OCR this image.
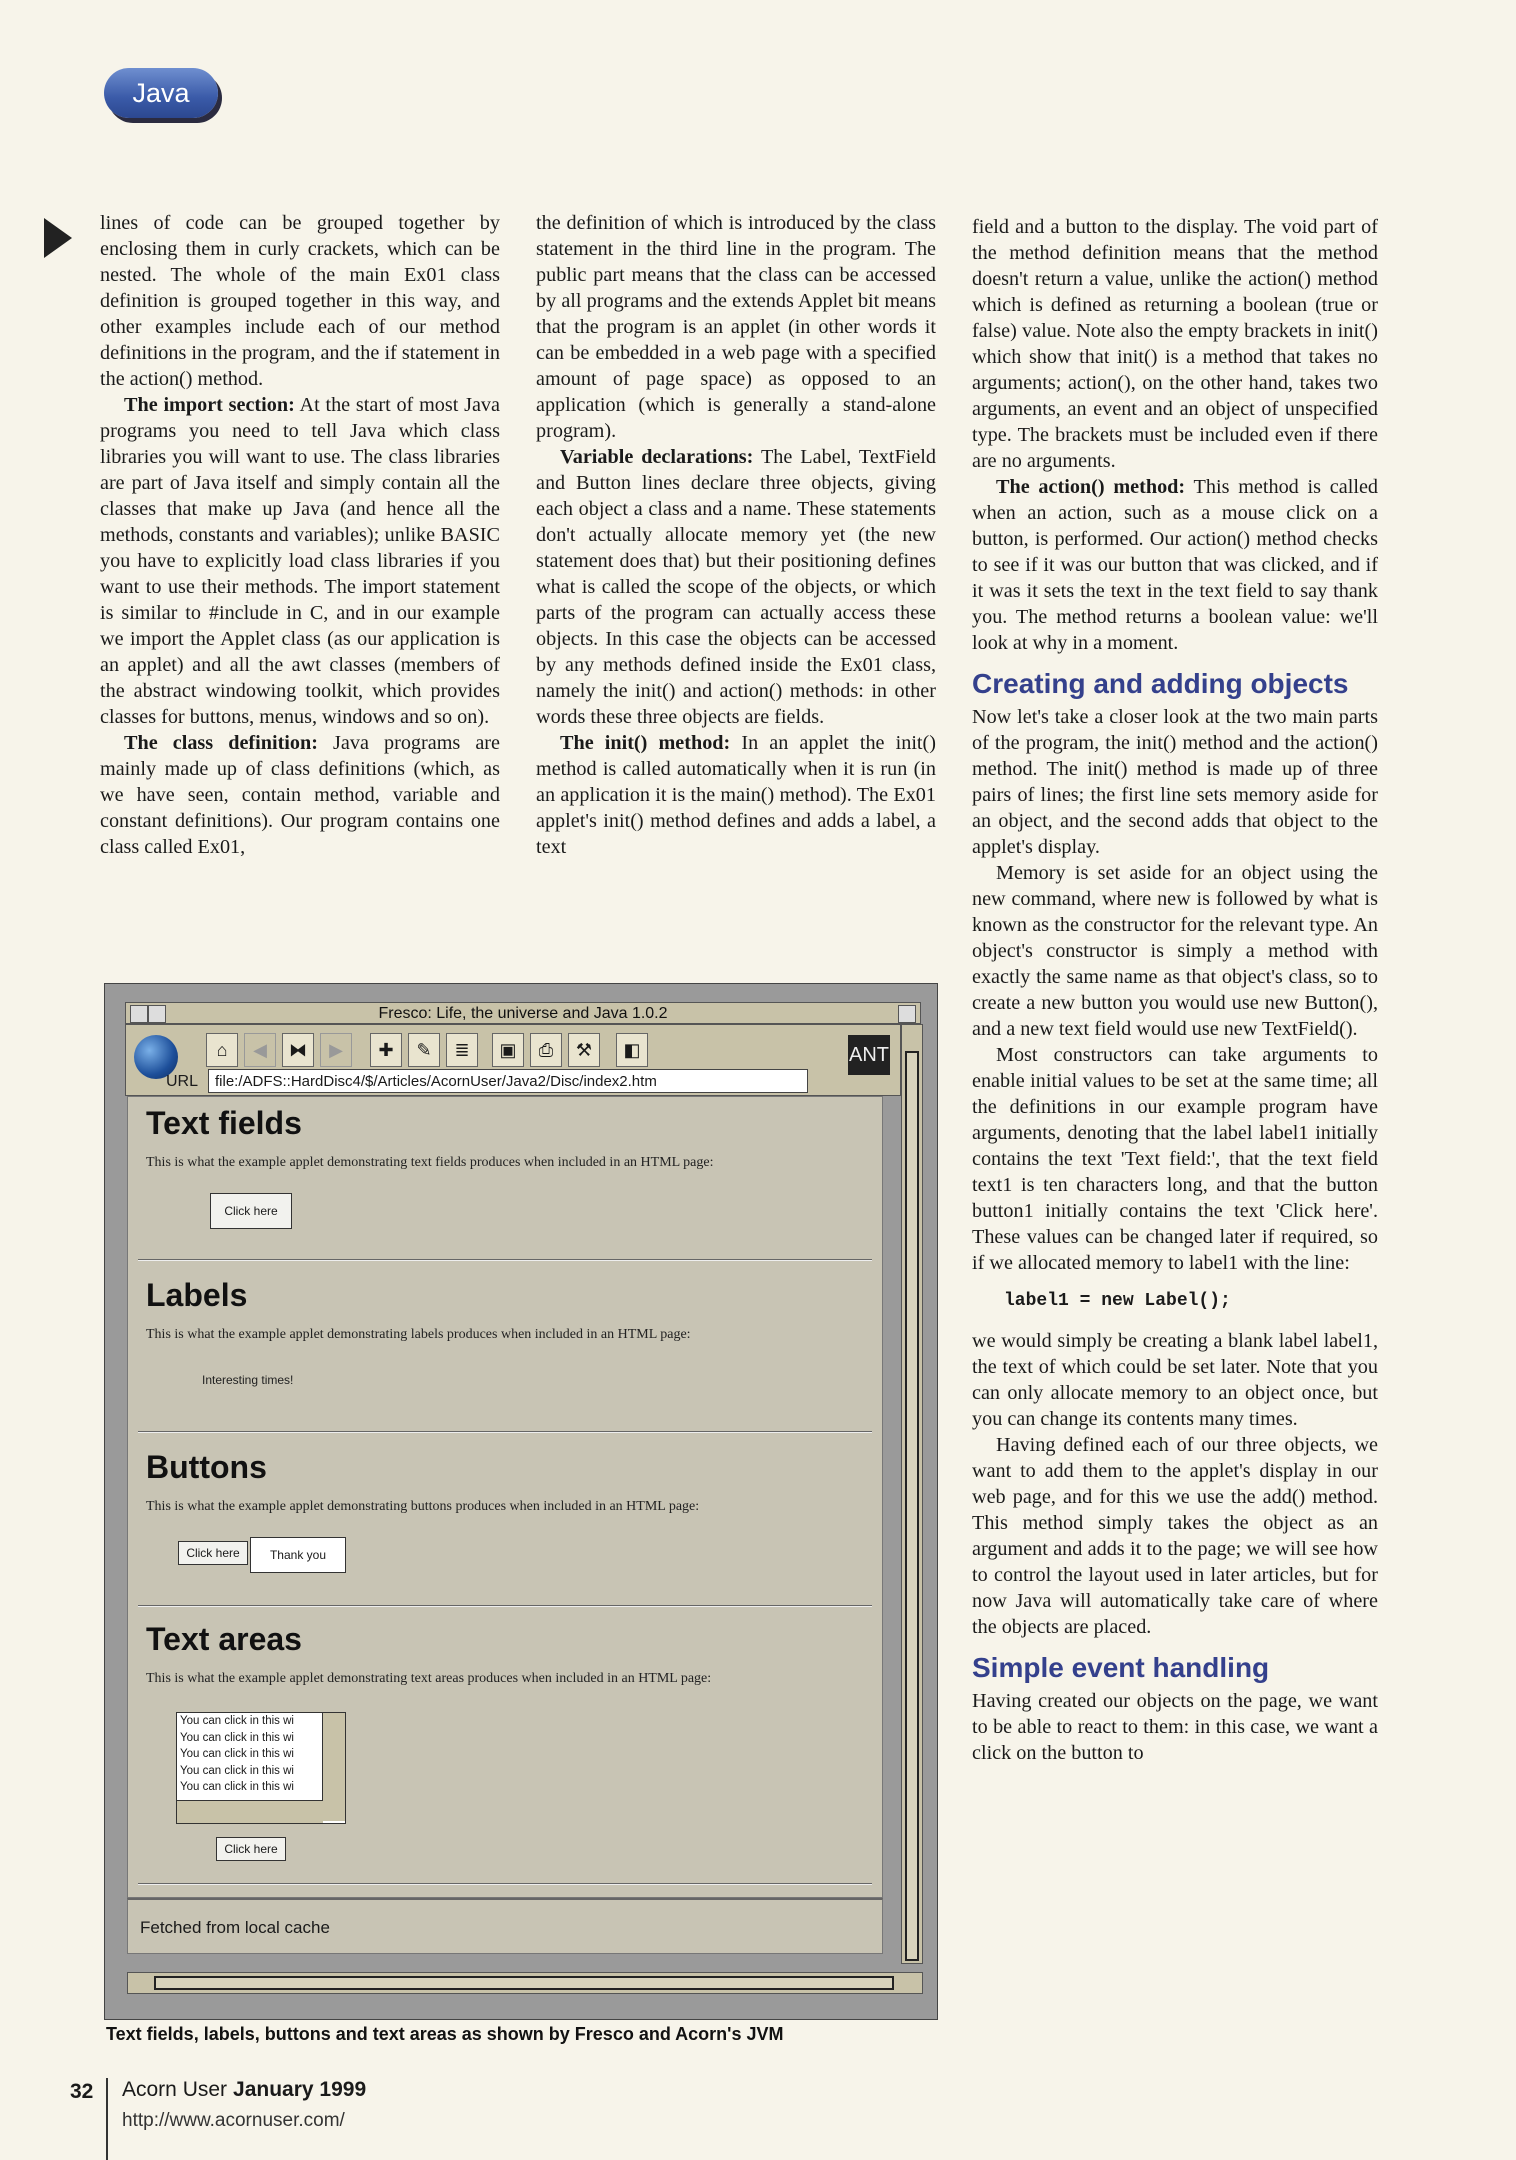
Java

lines of code can be grouped together by enclosing them in curly crackets, which can be nested. The whole of the main Ex01 class definition is grouped together in this way, and other examples include each of our method definitions in the program, and the if statement in the action() method.

The import section: At the start of most Java programs you need to tell Java which class libraries you will want to use. The class libraries are part of Java itself and simply contain all the classes that make up Java (and hence all the methods, constants and variables); unlike BASIC you have to explicitly load class libraries if you want to use their methods. The import statement is similar to #include in C, and in our example we import the Applet class (as our application is an applet) and all the awt classes (members of the abstract windowing toolkit, which provides classes for buttons, menus, windows and so on).

The class definition: Java programs are mainly made up of class definitions (which, as we have seen, contain method, variable and constant definitions). Our program contains one class called Ex01,

the definition of which is introduced by the class statement in the third line in the program. The public part means that the class can be accessed by all programs and the extends Applet bit means that the program is an applet (in other words it can be embedded in a web page with a specified amount of page space) as opposed to an application (which is generally a stand-alone program).

Variable declarations: The Label, TextField and Button lines declare three objects, giving each object a class and a name. These statements don't actually allocate memory yet (the new statement does that) but their positioning defines what is called the scope of the objects, or which parts of the program can actually access these objects. In this case the objects can be accessed by any methods defined inside the Ex01 class, namely the init() and action() methods: in other words these three objects are fields.

The init() method: In an applet the init() method is called automatically when it is run (in an application it is the main() method). The Ex01 applet's init() method defines and adds a label, a text

field and a button to the display. The void part of the method definition means that the method doesn't return a value, unlike the action() method which is defined as returning a boolean (true or false) value. Note also the empty brackets in init() which show that init() is a method that takes no arguments; action(), on the other hand, takes two arguments, an event and an object of unspecified type. The brackets must be included even if there are no arguments.

The action() method: This method is called when an action, such as a mouse click on a button, is performed. Our action() method checks to see if it was our button that was clicked, and if it was it sets the text in the text field to say thank you. The method returns a boolean value: we'll look at why in a moment.

Creating and adding objects

Now let's take a closer look at the two main parts of the program, the init() method and the action() method. The init() method is made up of three pairs of lines; the first line sets memory aside for an object, and the second adds that object to the applet's display.

Memory is set aside for an object using the new command, where new is followed by what is known as the constructor for the relevant type. An object's constructor is simply a method with exactly the same name as that object's class, so to create a new button you would use new Button(), and a new text field would use new TextField().

Most constructors can take arguments to enable initial values to be set at the same time; all the definitions in our example program have arguments, denoting that the label label1 initially contains the text 'Text field:', that the text field text1 is ten characters long, and that the button button1 initially contains the text 'Click here'. These values can be changed later if required, so if we allocated memory to label1 with the line:

label1 = new Label();

we would simply be creating a blank label label1, the text of which could be set later. Note that you can only allocate memory to an object once, but you can change its contents many times.

Having defined each of our three objects, we want to add them to the applet's display in our web page, and for this we use the add() method. This method simply takes the object as an argument and adds it to the page; we will see how to control the layout used in later articles, but for now Java will automatically take care of where the objects are placed.

Simple event handling

Having created our objects on the page, we want to be able to react to them: in this case, we want a click on the button to

Fresco: Life, the universe and Java 1.0.2
⌂	◀	⧓	▶	✚	✎	≣	▣	⎙	⚒	◧	ANT
URL	file:/ADFS::HardDisc4/$/Articles/AcornUser/Java2/Disc/index2.htm
Text fields
This is what the example applet demonstrating text fields produces when included in an HTML page:
Click here
Labels
This is what the example applet demonstrating labels produces when included in an HTML page:
Interesting times!
Buttons
This is what the example applet demonstrating buttons produces when included in an HTML page:
Click here	Thank you
Text areas
This is what the example applet demonstrating text areas produces when included in an HTML page:
You can click in this wi
You can click in this wi
You can click in this wi
You can click in this wi
You can click in this wi
Click here
Fetched from local cache
Text fields, labels, buttons and text areas as shown by Fresco and Acorn's JVM
32 Acorn User January 1999
http://www.acornuser.com/
